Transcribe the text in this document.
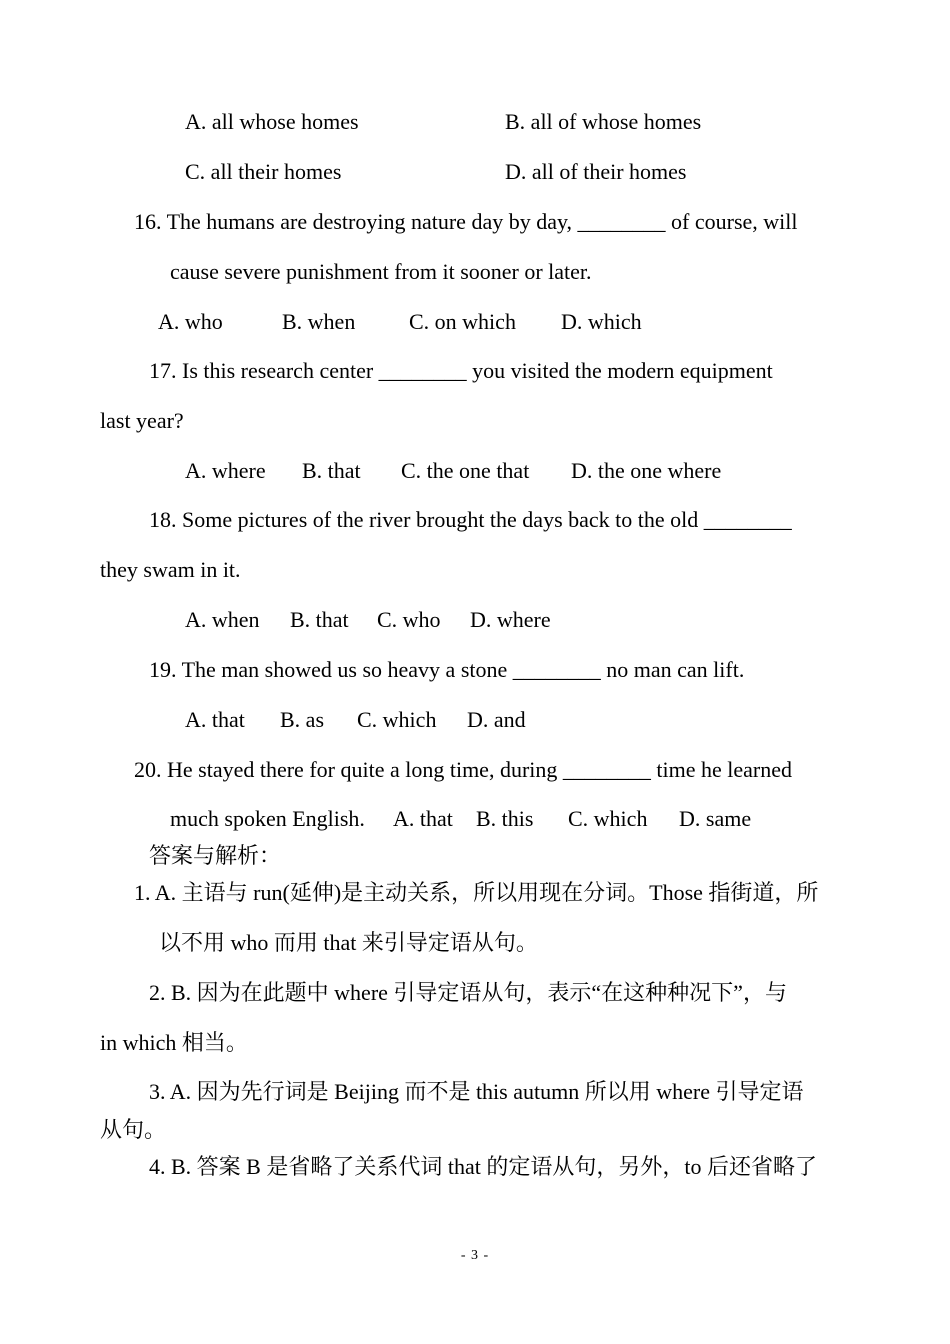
A. all whose homes	B. all of whose homes
C. all their homes	D. all of their homes
16. The humans are destroying nature day by day, ________ of course, will
cause severe punishment from it sooner or later.
A. who	B. when C. on which D. which
17. Is this research center ________ you visited the modern equipment
last year?
A. where B. that C. the one that D. the one where
18. Some pictures of the river brought the days back to the old ________
they swam in it.
A. when B. that C. who D. where
19. The man showed us so heavy a stone ________ no man can lift.
A. that B. as C. which D. and
20. He stayed there for quite a long time, during ________ time he learned
much spoken English. A. that B. this C. which D. same
答案与解析：
1. A. 主语与 run(延伸)是主动关系，所以用现在分词。Those 指街道，所
以不用 who 而用 that 来引导定语从句。
2. B. 因为在此题中 where 引导定语从句，表示“在这种种况下”，与
in which 相当。
3. A. 因为先行词是 Beijing 而不是 this autumn 所以用 where 引导定语
从句。
4. B. 答案 B 是省略了关系代词 that 的定语从句，另外，to 后还省略了
- 3 -
